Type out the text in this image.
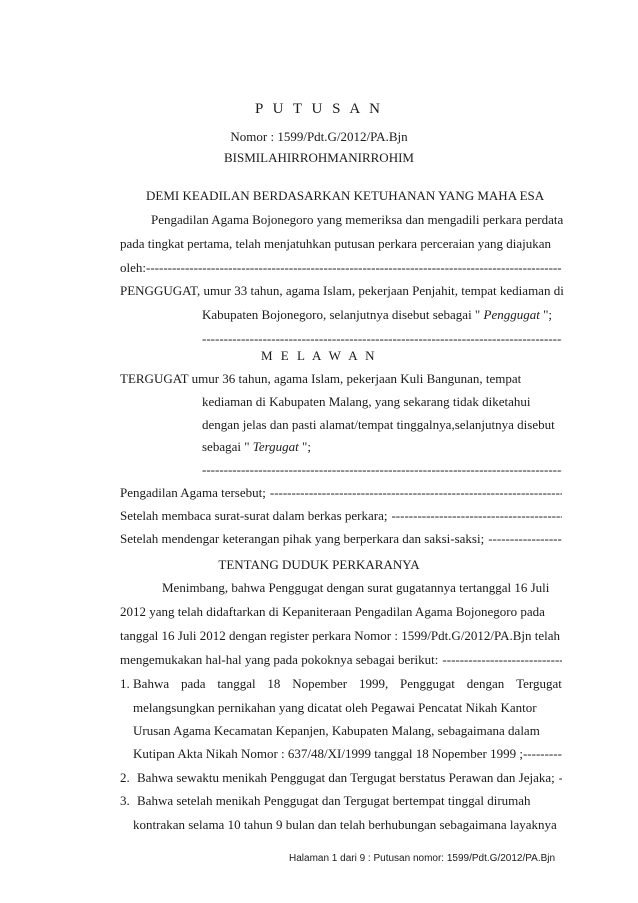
P U T U S A N
Nomor : 1599/Pdt.G/2012/PA.Bjn
BISMILAHIRROHMANIRROHIM
DEMI KEADILAN BERDASARKAN KETUHANAN YANG MAHA ESA
Pengadilan Agama Bojonegoro yang memeriksa dan mengadili perkara perdata
pada tingkat pertama, telah menjatuhkan putusan perkara perceraian yang diajukan
oleh:
-----
PENGGUGAT, umur 33 tahun, agama Islam, pekerjaan Penjahit, tempat kediaman di
Kabupaten Bojonegoro, selanjutnya disebut sebagai " Penggugat ";
-----
M E L A W A N
TERGUGAT umur 36 tahun, agama Islam, pekerjaan Kuli Bangunan, tempat
kediaman di Kabupaten Malang, yang sekarang tidak diketahui
dengan jelas dan pasti alamat/tempat tinggalnya,selanjutnya disebut
sebagai " Tergugat ";
-----
Pengadilan Agama tersebut;
-----
Setelah membaca surat-surat dalam berkas perkara;
-----
Setelah mendengar keterangan pihak yang berperkara dan saksi-saksi;
-----
TENTANG DUDUK PERKARANYA
Menimbang, bahwa Penggugat dengan surat gugatannya tertanggal 16 Juli
2012 yang telah didaftarkan di Kepaniteraan Pengadilan Agama Bojonegoro pada
tanggal 16 Juli 2012 dengan register perkara Nomor : 1599/Pdt.G/2012/PA.Bjn telah
mengemukakan hal-hal yang pada pokoknya sebagai berikut:
-----
1. Bahwa pada tanggal 18 Nopember 1999, Penggugat dengan Tergugat
melangsungkan pernikahan yang dicatat oleh Pegawai Pencatat Nikah Kantor
Urusan Agama Kecamatan Kepanjen, Kabupaten Malang, sebagaimana dalam
Kutipan Akta Nikah Nomor : 637/48/XI/1999 tanggal 18 Nopember 1999 ;
-----
2. Bahwa sewaktu menikah Penggugat dan Tergugat berstatus Perawan dan Jejaka;
-----
3. Bahwa setelah menikah Penggugat dan Tergugat bertempat tinggal dirumah
kontrakan selama 10 tahun 9 bulan dan telah berhubungan sebagaimana layaknya
Halaman 1 dari 9 : Putusan nomor: 1599/Pdt.G/2012/PA.Bjn
